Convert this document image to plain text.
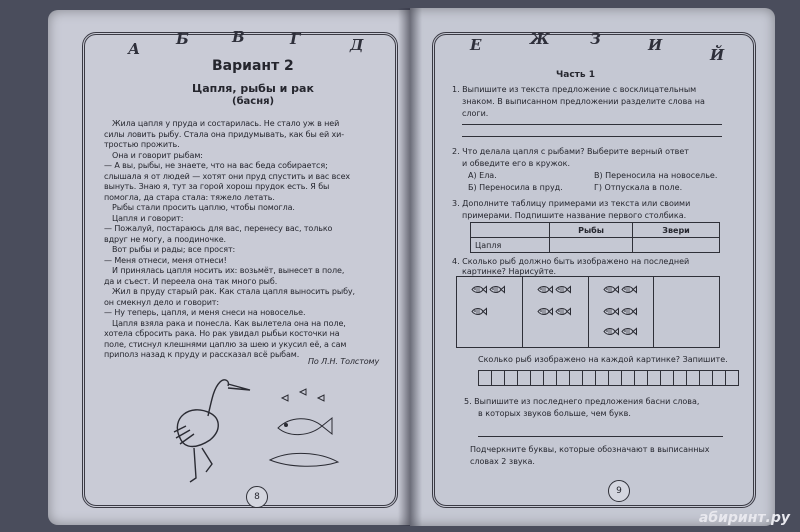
А
Б	В	Г	Д	Е	Ж	З	И
Й
Вариант 2
Цапля, рыбы и рак
(басня)
Жила цапля у пруда и состарилась. Не стало уж в ней
силы ловить рыбу. Стала она придумывать, как бы ей хи-
тростью прожить.
Она и говорит рыбам:
— А вы, рыбы, не знаете, что на вас беда собирается;
слышала я от людей — хотят они пруд спустить и вас всех
вынуть. Знаю я, тут за горой хорош прудок есть. Я бы
помогла, да стара стала: тяжело летать.
Рыбы стали просить цаплю, чтобы помогла.
Цапля и говорит:
— Пожалуй, постараюсь для вас, перенесу вас, только
вдруг не могу, а поодиночке.
Вот рыбы и рады; все просят:
— Меня отнеси, меня отнеси!
И принялась цапля носить их: возьмёт, вынесет в поле,
да и съест. И переела она так много рыб.
Жил в пруду старый рак. Как стала цапля выносить рыбу,
он смекнул дело и говорит:
— Ну теперь, цапля, и меня снеси на новоселье.
Цапля взяла рака и понесла. Как вылетела она на поле,
хотела сбросить рака. Но рак увидал рыбьи косточки на
поле, стиснул клешнями цаплю за шею и укусил её, а сам
приполз назад к пруду и рассказал всё рыбам.
По Л.Н. Толстому
8
Часть 1
1. Выпишите из текста предложение с восклицательным
знаком. В выписанном предложении разделите слова на
слоги.
2. Что делала цапля с рыбами? Выберите верный ответ
и обведите его в кружок.
А) Ела.	В) Переносила на новоселье.
Б) Переносила в пруд.	Г) Отпускала в поле.
3. Дополните таблицу примерами из текста или своими
примерами. Подпишите название первого столбика.
	Рыбы	Звери
Цапля		
4. Сколько рыб должно быть изображено на последней
картинке? Нарисуйте.
Сколько рыб изображено на каждой картинке? Запишите.
5. Выпишите из последнего предложения басни слова,
в которых звуков больше, чем букв.
Подчеркните буквы, которые обозначают в выписанных
словах 2 звука.
9
абиринт.ру
